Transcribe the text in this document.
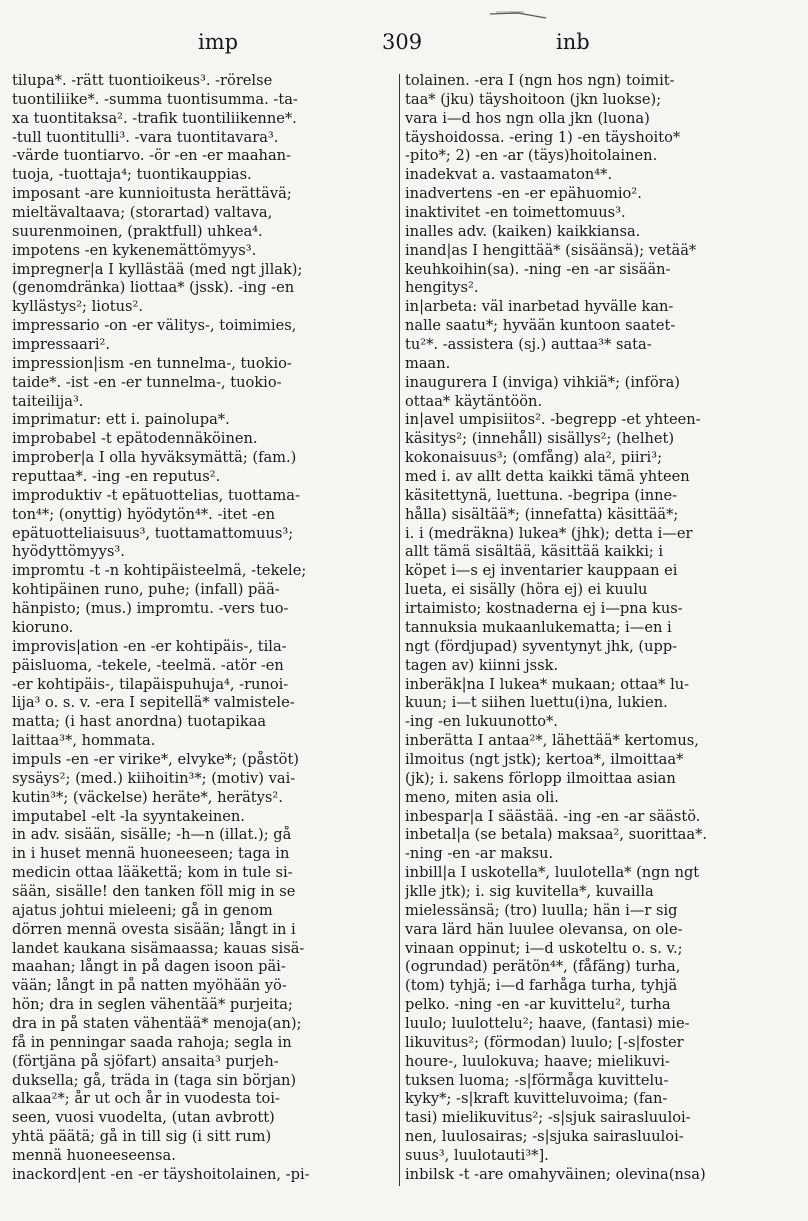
imp	309	inb
tilupa*. -rätt tuontioikeus³. -rörelse
tuontiliike*. -summa tuontisumma. -ta-
xa tuontitaksa². -trafik tuontiliikenne*.
-tull tuontitulli³. -vara tuontitavara³.
-värde tuontiarvo. -ör -en -er maahan-
tuoja, -tuottaja⁴; tuontikauppias.
imposant -are kunnioitusta herättävä;
mieltävaltaava; (storartad) valtava,
suurenmoinen, (praktfull) uhkea⁴.
impotens -en kykenemättömyys³.
impregner|a I kyllästää (med ngt jllak);
(genomdränka) liottaa* (jssk). -ing -en
kyllästys²; liotus².
impressario -on -er välitys-, toimimies,
impressaari².
impression|ism -en tunnelma-, tuokio-
taide*. -ist -en -er tunnelma-, tuokio-
taiteilija³.
imprimatur: ett i. painolupa*.
improbabel -t epätodennäköinen.
improber|a I olla hyväksymättä; (fam.)
reputtaa*. -ing -en reputus².
improduktiv -t epätuottelias, tuottama-
ton⁴*; (onyttig) hyödytön⁴*. -itet -en
epätuotteliaisuus³, tuottamattomuus³;
hyödyttömyys³.
impromtu -t -n kohtipäisteelmä, -tekele;
kohtipäinen runo, puhe; (infall) pää-
hänpisto; (mus.) impromtu. -vers tuo-
kioruno.
improvis|ation -en -er kohtipäis-, tila-
päisluoma, -tekele, -teelmä. -atör -en
-er kohtipäis-, tilapäispuhuja⁴, -runoi-
lija³ o. s. v. -era I sepitellä* valmistele-
matta; (i hast anordna) tuotapikaa
laittaa³*, hommata.
impuls -en -er virike*, elvyke*; (påstöt)
sysäys²; (med.) kiihoitin³*; (motiv) vai-
kutin³*; (väckelse) heräte*, herätys².
imputabel -elt -la syyntakeinen.
in adv. sisään, sisälle; -h—n (illat.); gå
in i huset mennä huoneeseen; taga in
medicin ottaa lääkettä; kom in tule si-
sään, sisälle! den tanken föll mig in se
ajatus johtui mieleeni; gå in genom
dörren mennä ovesta sisään; långt in i
landet kaukana sisämaassa; kauas sisä-
maahan; långt in på dagen isoon päi-
vään; långt in på natten myöhään yö-
hön; dra in seglen vähentää* purjeita;
dra in på staten vähentää* menoja(an);
få in penningar saada rahoja; segla in
(förtjäna på sjöfart) ansaita³ purjeh-
duksella; gå, träda in (taga sin början)
alkaa²*; år ut och år in vuodesta toi-
seen, vuosi vuodelta, (utan avbrott)
yhtä päätä; gå in till sig (i sitt rum)
mennä huoneeseensa.
inackord|ent -en -er täyshoitolainen, -pi-
tolainen. -era I (ngn hos ngn) toimit-
taa* (jku) täyshoitoon (jkn luokse);
vara i—d hos ngn olla jkn (luona)
täyshoidossa. -ering 1) -en täyshoito*
-pito*; 2) -en -ar (täys)hoitolainen.
inadekvat a. vastaamaton⁴*.
inadvertens -en -er epähuomio².
inaktivitet -en toimettomuus³.
inalles adv. (kaiken) kaikkiansa.
inand|as I hengittää* (sisäänsä); vetää*
keuhkoihin(sa). -ning -en -ar sisään-
hengitys².
in|arbeta: väl inarbetad hyvälle kan-
nalle saatu*; hyvään kuntoon saatet-
tu²*. -assistera (sj.) auttaa³* sata-
maan.
inaugurera I (inviga) vihkiä*; (införa)
ottaa* käytäntöön.
in|avel umpisiitos². -begrepp -et yhteen-
käsitys²; (innehåll) sisällys²; (helhet)
kokonaisuus³; (omfång) ala², piiri³;
med i. av allt detta kaikki tämä yhteen
käsitettynä, luettuna. -begripa (inne-
hålla) sisältää*; (innefatta) käsittää*;
i. i (medräkna) lukea* (jhk); detta i—er
allt tämä sisältää, käsittää kaikki; i
köpet i—s ej inventarier kauppaan ei
lueta, ei sisälly (höra ej) ei kuulu
irtaimisto; kostnaderna ej i—pna kus-
tannuksia mukaanlukematta; i—en i
ngt (fördjupad) syventynyt jhk, (upp-
tagen av) kiinni jssk.
inberäk|na I lukea* mukaan; ottaa* lu-
kuun; i—t siihen luettu(i)na, lukien.
-ing -en lukuunotto*.
inberätta I antaa²*, lähettää* kertomus,
ilmoitus (ngt jstk); kertoa*, ilmoittaa*
(jk); i. sakens förlopp ilmoittaa asian
meno, miten asia oli.
inbespar|a I säästää. -ing -en -ar säästö.
inbetal|a (se betala) maksaa², suorittaa*.
-ning -en -ar maksu.
inbill|a I uskotella*, luulotella* (ngn ngt
jklle jtk); i. sig kuvitella*, kuvailla
mielessänsä; (tro) luulla; hän i—r sig
vara lärd hän luulee olevansa, on ole-
vinaan oppinut; i—d uskoteltu o. s. v.;
(ogrundad) perätön⁴*, (fåfäng) turha,
(tom) tyhjä; i—d farhåga turha, tyhjä
pelko. -ning -en -ar kuvittelu², turha
luulo; luulottelu²; haave, (fantasi) mie-
likuvitus²; (förmodan) luulo; [-s|foster
houre-, luulokuva; haave; mielikuvi-
tuksen luoma; -s|förmåga kuvittelu-
kyky*; -s|kraft kuvitteluvoima; (fan-
tasi) mielikuvitus²; -s|sjuk sairasluuloi-
nen, luulosairas; -s|sjuka sairasluuloi-
suus³, luulotauti³*].
inbilsk -t -are omahyväinen; olevina(nsa)
